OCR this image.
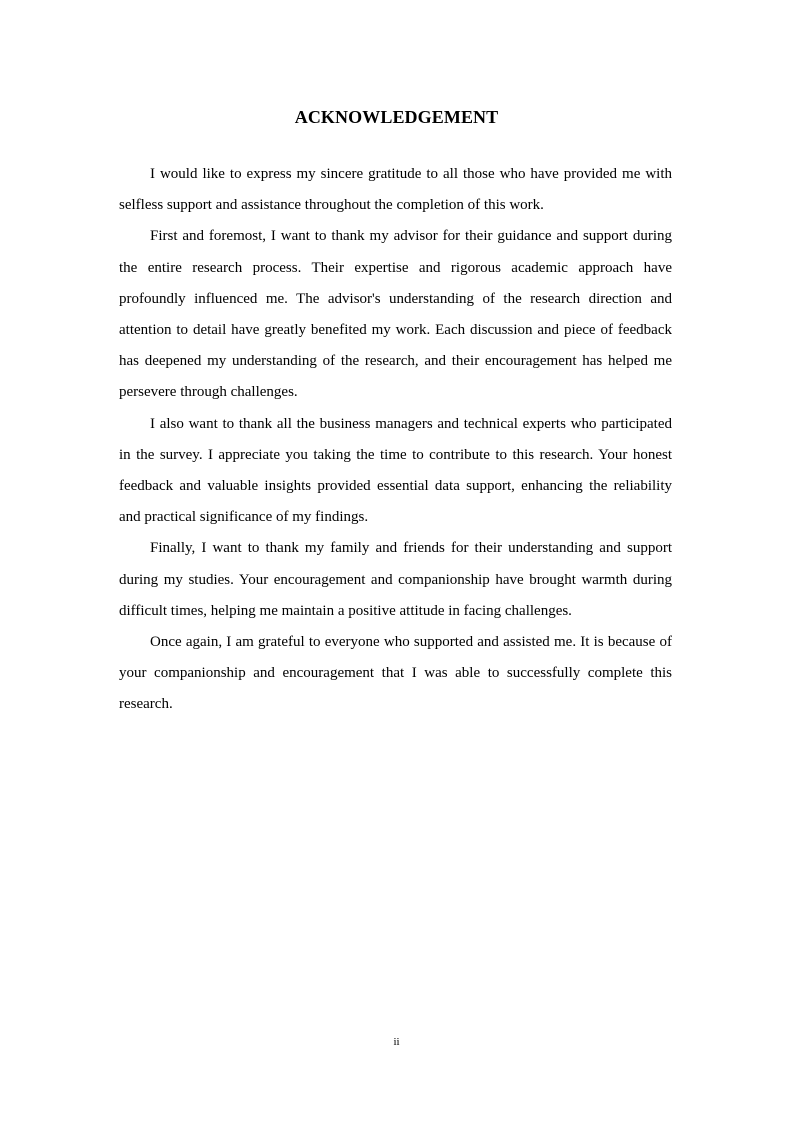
ACKNOWLEDGEMENT

I would like to express my sincere gratitude to all those who have provided me with selfless support and assistance throughout the completion of this work.

First and foremost, I want to thank my advisor for their guidance and support during the entire research process. Their expertise and rigorous academic approach have profoundly influenced me. The advisor's understanding of the research direction and attention to detail have greatly benefited my work. Each discussion and piece of feedback has deepened my understanding of the research, and their encouragement has helped me persevere through challenges.

I also want to thank all the business managers and technical experts who participated in the survey. I appreciate you taking the time to contribute to this research. Your honest feedback and valuable insights provided essential data support, enhancing the reliability and practical significance of my findings.

Finally, I want to thank my family and friends for their understanding and support during my studies. Your encouragement and companionship have brought warmth during difficult times, helping me maintain a positive attitude in facing challenges.

Once again, I am grateful to everyone who supported and assisted me. It is because of your companionship and encouragement that I was able to successfully complete this research.

ii
